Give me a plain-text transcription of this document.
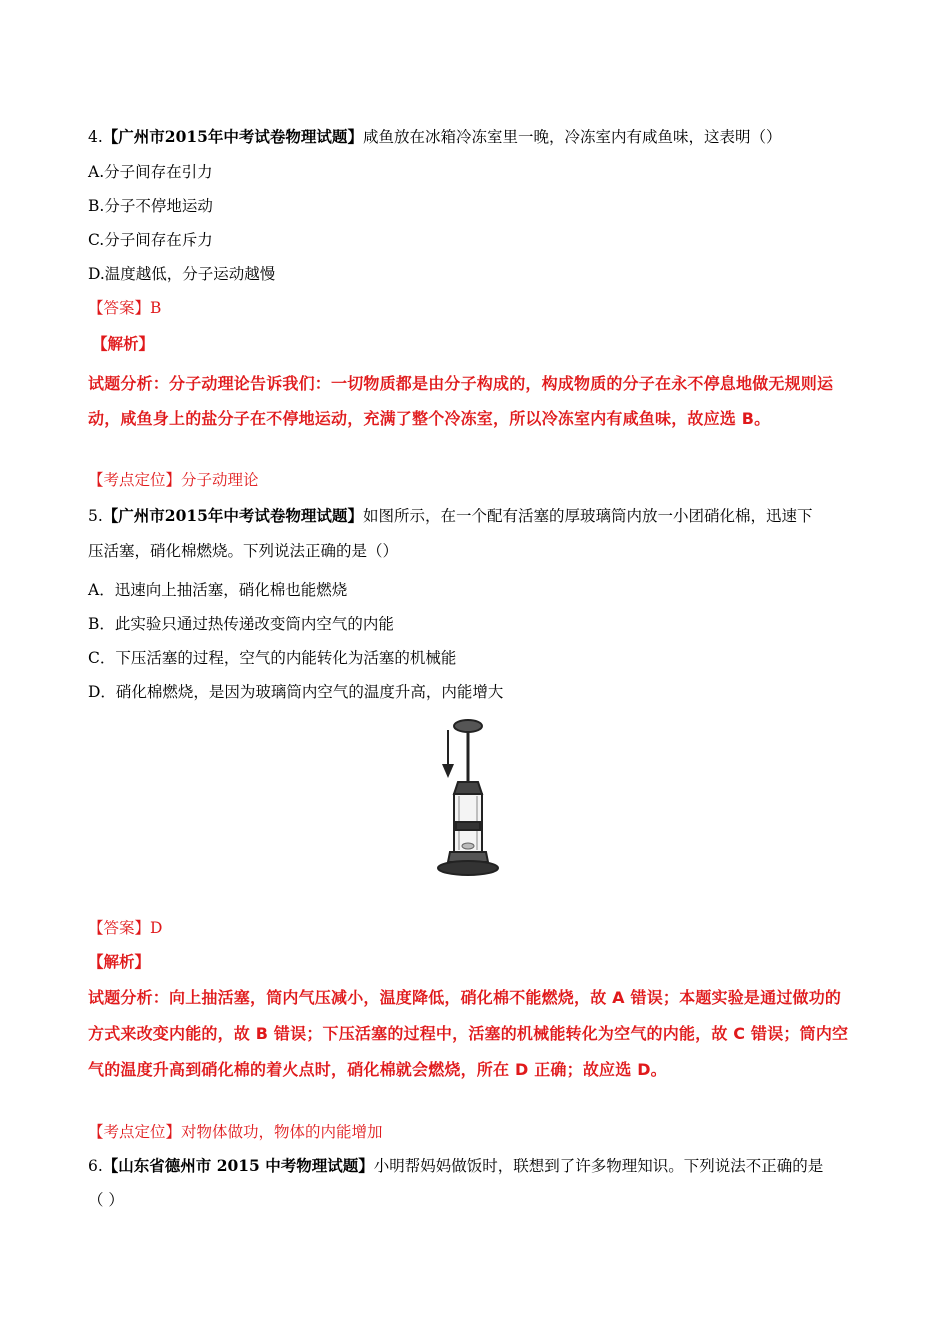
4.【广州市2015年中考试卷物理试题】咸鱼放在冰箱冷冻室里一晚，冷冻室内有咸鱼味，这表明（）
A.分子间存在引力
B.分子不停地运动
C.分子间存在斥力
D.温度越低，分子运动越慢
【答案】B
​
【解析】
试题分析：分子动理论告诉我们：一切物质都是由分子构成的，构成物质的分子在永不停息地做无规则运
动，咸鱼身上的盐分子在不停地运动，充满了整个冷冻室，所以冷冻室内有咸鱼味，故应选 B。
【考点定位】分子动理论
5.【广州市2015年中考试卷物理试题】如图所示，在一个配有活塞的厚玻璃筒内放一小团硝化棉，迅速下
压活塞，硝化棉燃烧。下列说法正确的是（）
A．迅速向上抽活塞，硝化棉也能燃烧
B．此实验只通过热传递改变筒内空气的内能
C．下压活塞的过程，空气的内能转化为活塞的机械能
D．硝化棉燃烧，是因为玻璃筒内空气的温度升高，内能增大
【答案】D
【解析】
试题分析：向上抽活塞，筒内气压减小，温度降低，硝化棉不能燃烧，故 A 错误；本题实验是通过做功的
方式来改变内能的，故 B 错误；下压活塞的过程中，活塞的机械能转化为空气的内能，故 C 错误；筒内空
气的温度升高到硝化棉的着火点时，硝化棉就会燃烧，所在 D 正确；故应选 D。
【考点定位】对物体做功，物体的内能增加
6.【山东省德州市 2015 中考物理试题】小明帮妈妈做饭时，联想到了许多物理知识。下列说法不正确的是
（ ）
